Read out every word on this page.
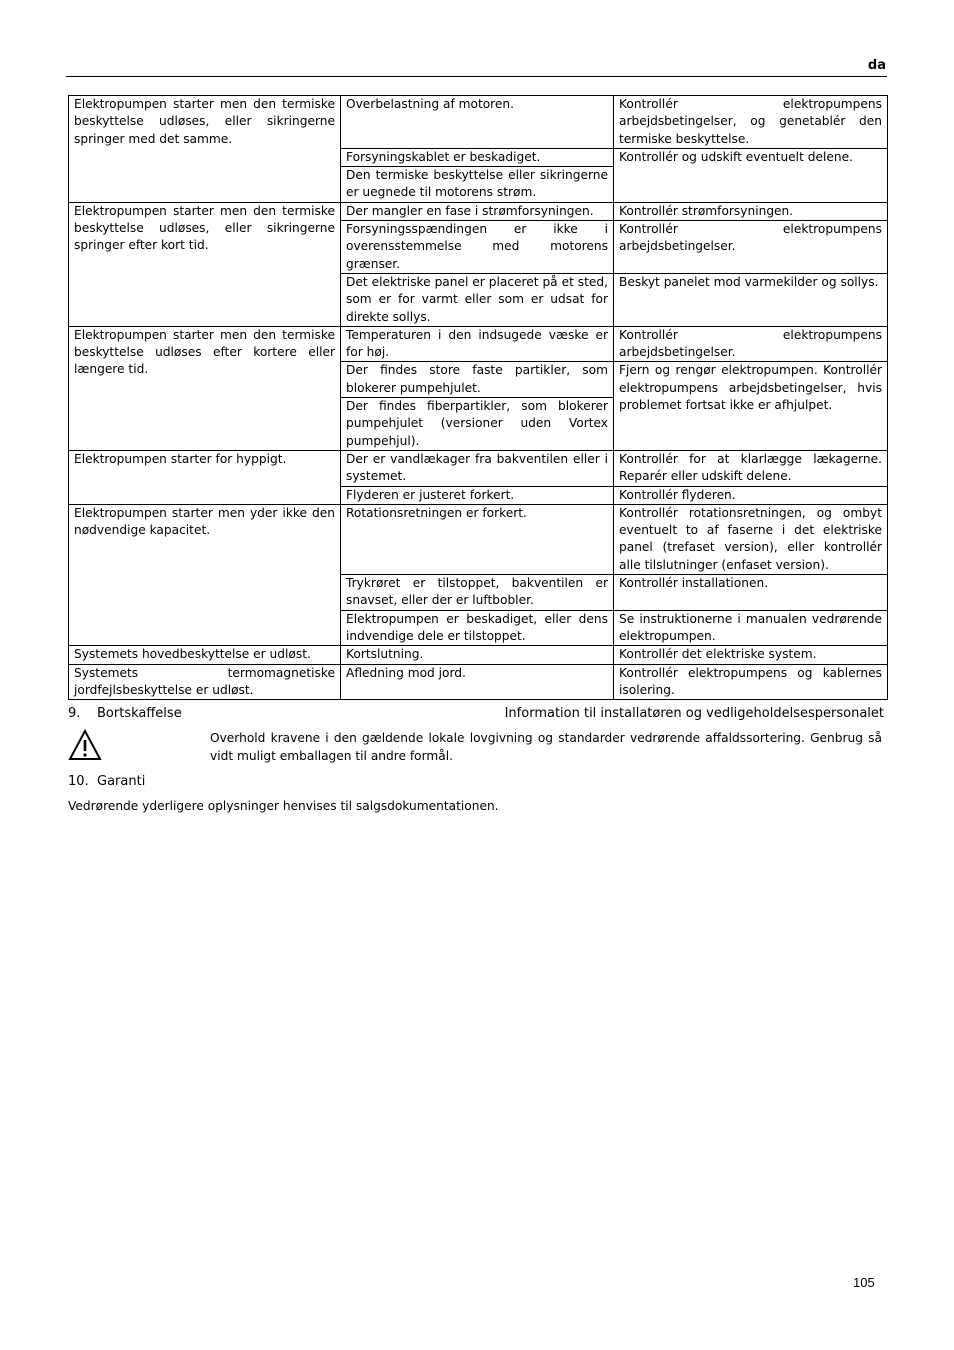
da
Elektropumpen starter men den termiske beskyttelse udløses, eller sikringerne springer med det samme.	Overbelastning af motoren.	Kontrollér elektropumpens arbejdsbetingelser, og genetablér den termiske beskyttelse.
	Forsyningskablet er beskadiget.	Kontrollér og udskift eventuelt delene.
	Den termiske beskyttelse eller sikringerne er uegnede til motorens strøm.	
Elektropumpen starter men den termiske beskyttelse udløses, eller sikringerne springer efter kort tid.	Der mangler en fase i strømforsyningen.	Kontrollér strømforsyningen.
	Forsyningsspændingen er ikke i overensstemmelse med motorens grænser.	Kontrollér elektropumpens arbejdsbetingelser.
	Det elektriske panel er placeret på et sted, som er for varmt eller som er udsat for direkte sollys.	Beskyt panelet mod varmekilder og sollys.
Elektropumpen starter men den termiske beskyttelse udløses efter kortere eller længere tid.	Temperaturen i den indsugede væske er for høj.	Kontrollér elektropumpens arbejdsbetingelser.
	Der findes store faste partikler, som blokerer pumpehjulet.	Fjern og rengør elektropumpen. Kontrollér elektropumpens arbejdsbetingelser, hvis problemet fortsat ikke er afhjulpet.
	Der findes fiberpartikler, som blokerer pumpehjulet (versioner uden Vortex pumpehjul).	
Elektropumpen starter for hyppigt.	Der er vandlækager fra bakventilen eller i systemet.	Kontrollér for at klarlægge lækagerne. Reparér eller udskift delene.
	Flyderen er justeret forkert.	Kontrollér flyderen.
Elektropumpen starter men yder ikke den nødvendige kapacitet.	Rotationsretningen er forkert.	Kontrollér rotationsretningen, og ombyt eventuelt to af faserne i det elektriske panel (trefaset version), eller kontrollér alle tilslutninger (enfaset version).
	Trykrøret er tilstoppet, bakventilen er snavset, eller der er luftbobler.	Kontrollér installationen.
	Elektropumpen er beskadiget, eller dens indvendige dele er tilstoppet.	Se instruktionerne i manualen vedrørende elektropumpen.
Systemets hovedbeskyttelse er udløst.	Kortslutning.	Kontrollér det elektriske system.
Systemets termomagnetiske jordfejlsbeskyttelse er udløst.	Afledning mod jord.	Kontrollér elektropumpens og kablernes isolering.
9. Bortskaffelse	Information til installatøren og vedligeholdelsespersonalet
Overhold kravene i den gældende lokale lovgivning og standarder vedrørende affaldssortering. Genbrug så vidt muligt emballagen til andre formål.
10. Garanti
Vedrørende yderligere oplysninger henvises til salgsdokumentationen.
105
